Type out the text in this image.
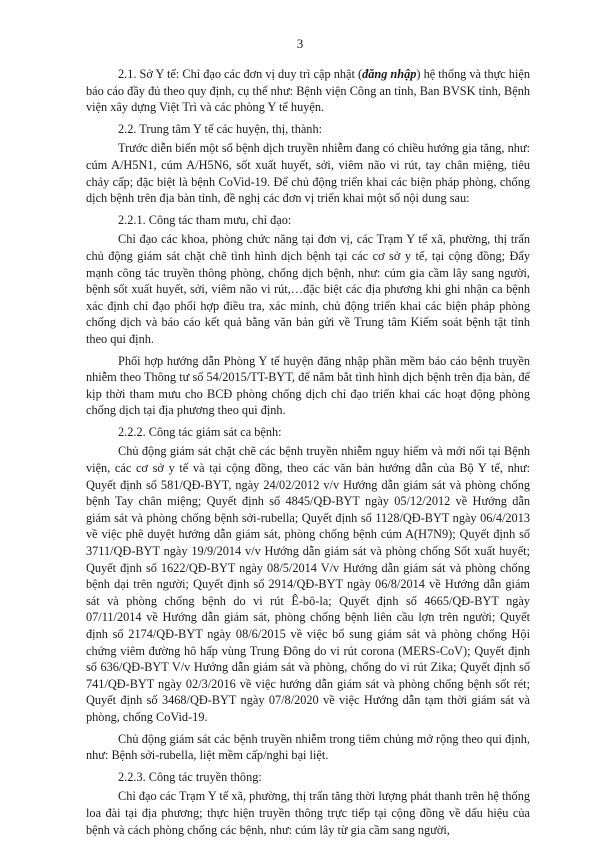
3

2.1. Sở Y tế: Chỉ đạo các đơn vị duy trì cập nhật (đăng nhập) hệ thống và thực hiện báo cáo đầy đủ theo quy định, cụ thể như: Bệnh viện Công an tỉnh, Ban BVSK tỉnh, Bệnh viện xây dựng Việt Trì và các phòng Y tế huyện.

2.2. Trung tâm Y tế các huyện, thị, thành:

Trước diễn biến một số bệnh dịch truyền nhiễm đang có chiều hướng gia tăng, như: cúm A/H5N1, cúm A/H5N6, sốt xuất huyết, sởi, viêm não vi rút, tay chân miệng, tiêu chảy cấp; đặc biệt là bệnh CoVid-19. Để chủ động triển khai các biện pháp phòng, chống dịch bệnh trên địa bàn tỉnh, đề nghị các đơn vị triển khai một số nội dung sau:

2.2.1. Công tác tham mưu, chỉ đạo:

Chỉ đạo các khoa, phòng chức năng tại đơn vị, các Trạm Y tế xã, phường, thị trấn chủ động giám sát chặt chẽ tình hình dịch bệnh tại các cơ sở y tế, tại cộng đồng; Đẩy mạnh công tác truyền thông phòng, chống dịch bệnh, như: cúm gia cầm lây sang người, bệnh sốt xuất huyết, sởi, viêm não vi rút,…đặc biệt các địa phương khi ghi nhận ca bệnh xác định chỉ đạo phối hợp điều tra, xác minh, chủ động triển khai các biện pháp phòng chống dịch và báo cáo kết quả bằng văn bản gửi về Trung tâm Kiểm soát bệnh tật tỉnh theo qui định.

Phối hợp hướng dẫn Phòng Y tế huyện đăng nhập phần mềm báo cáo bệnh truyền nhiễm theo Thông tư số 54/2015/TT-BYT, để nắm bắt tình hình dịch bệnh trên địa bàn, để kịp thời tham mưu cho BCĐ phòng chống dịch chỉ đạo triển khai các hoạt động phòng chống dịch tại địa phương theo qui định.

2.2.2. Công tác giám sát ca bệnh:

Chủ động giám sát chặt chẽ các bệnh truyền nhiễm nguy hiểm và mới nổi tại Bệnh viện, các cơ sở y tế và tại cộng đồng, theo các văn bản hướng dẫn của Bộ Y tế, như: Quyết định số 581/QĐ-BYT, ngày 24/02/2012 v/v Hướng dẫn giám sát và phòng chống bệnh Tay chân miệng; Quyết định số 4845/QĐ-BYT ngày 05/12/2012 về Hướng dẫn giám sát và phòng chống bệnh sởi-rubella; Quyết định số 1128/QĐ-BYT ngày 06/4/2013 về việc phê duyệt hướng dẫn giám sát, phòng chống bệnh cúm A(H7N9); Quyết định số 3711/QĐ-BYT ngày 19/9/2014 v/v Hướng dẫn giám sát và phòng chống Sốt xuất huyết; Quyết định số 1622/QĐ-BYT ngày 08/5/2014 V/v Hướng dẫn giám sát và phòng chống bệnh dại trên người; Quyết định số 2914/QĐ-BYT ngày 06/8/2014 về Hướng dẫn giám sát và phòng chống bệnh do vi rút Ê-bô-la; Quyết định số 4665/QĐ-BYT ngày 07/11/2014 về Hướng dẫn giám sát, phòng chống bệnh liên cầu lợn trên người; Quyết định số 2174/QĐ-BYT ngày 08/6/2015 về việc bổ sung giám sát và phòng chống Hội chứng viêm đường hô hấp vùng Trung Đông do vi rút corona (MERS-CoV); Quyết định số 636/QĐ-BYT V/v Hướng dẫn giám sát và phòng, chống do vi rút Zika; Quyết định số 741/QĐ-BYT ngày 02/3/2016 về việc hướng dẫn giám sát và phòng chống bệnh sốt rét; Quyết định số 3468/QĐ-BYT ngày 07/8/2020 về việc Hướng dẫn tạm thời giám sát và phòng, chống CoVid-19.

Chủ động giám sát các bệnh truyền nhiễm trong tiêm chủng mở rộng theo qui định, như: Bệnh sởi-rubella, liệt mềm cấp/nghi bại liệt.

2.2.3. Công tác truyền thông:

Chỉ đạo các Trạm Y tế xã, phường, thị trấn tăng thời lượng phát thanh trên hệ thống loa đài tại địa phương; thực hiện truyền thông trực tiếp tại cộng đồng về dấu hiệu của bệnh và cách phòng chống các bệnh, như: cúm lây từ gia cầm sang người,
